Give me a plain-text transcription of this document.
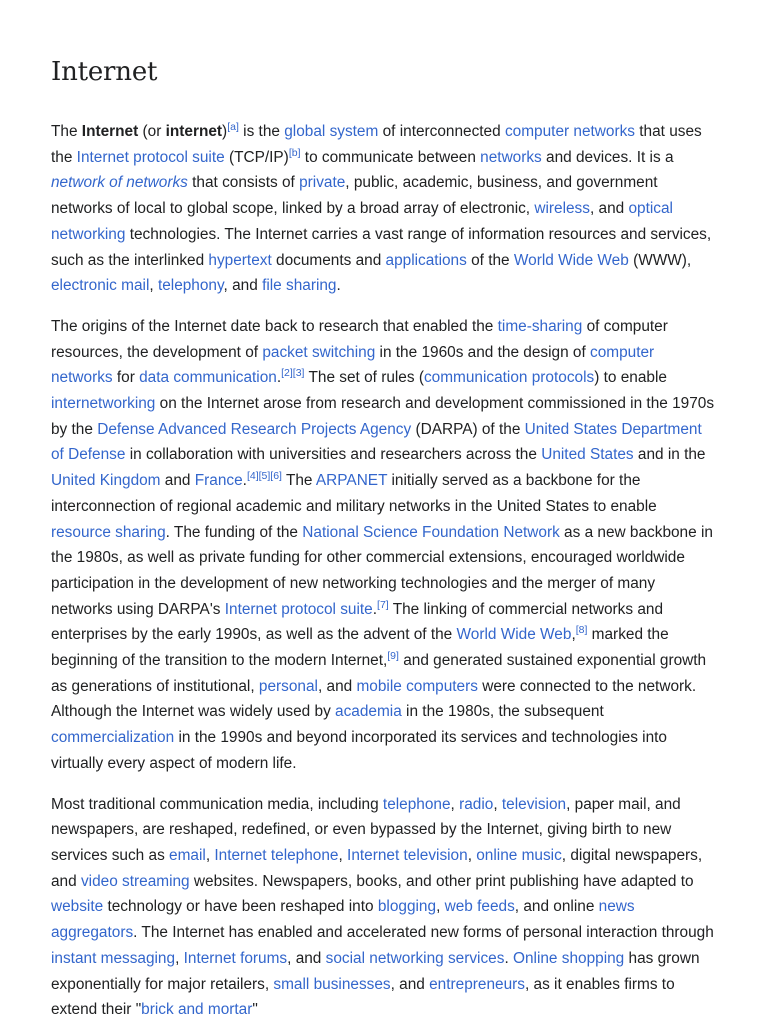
Internet

The Internet (or internet)[a] is the global system of interconnected computer networks that uses the Internet protocol suite (TCP/IP)[b] to communicate between networks and devices. It is a network of networks that consists of private, public, academic, business, and government networks of local to global scope, linked by a broad array of electronic, wireless, and optical networking technologies. The Internet carries a vast range of information resources and services, such as the interlinked hypertext documents and applications of the World Wide Web (WWW), electronic mail, telephony, and file sharing.

The origins of the Internet date back to research that enabled the time-sharing of computer resources, the development of packet switching in the 1960s and the design of computer networks for data communication.[2][3] The set of rules (communication protocols) to enable internetworking on the Internet arose from research and development commissioned in the 1970s by the Defense Advanced Research Projects Agency (DARPA) of the United States Department of Defense in collaboration with universities and researchers across the United States and in the United Kingdom and France.[4][5][6] The ARPANET initially served as a backbone for the interconnection of regional academic and military networks in the United States to enable resource sharing. The funding of the National Science Foundation Network as a new backbone in the 1980s, as well as private funding for other commercial extensions, encouraged worldwide participation in the development of new networking technologies and the merger of many networks using DARPA's Internet protocol suite.[7] The linking of commercial networks and enterprises by the early 1990s, as well as the advent of the World Wide Web,[8] marked the beginning of the transition to the modern Internet,[9] and generated sustained exponential growth as generations of institutional, personal, and mobile computers were connected to the network. Although the Internet was widely used by academia in the 1980s, the subsequent commercialization in the 1990s and beyond incorporated its services and technologies into virtually every aspect of modern life.

Most traditional communication media, including telephone, radio, television, paper mail, and newspapers, are reshaped, redefined, or even bypassed by the Internet, giving birth to new services such as email, Internet telephone, Internet television, online music, digital newspapers, and video streaming websites. Newspapers, books, and other print publishing have adapted to website technology or have been reshaped into blogging, web feeds, and online news aggregators. The Internet has enabled and accelerated new forms of personal interaction through instant messaging, Internet forums, and social networking services. Online shopping has grown exponentially for major retailers, small businesses, and entrepreneurs, as it enables firms to extend their "brick and mortar"
